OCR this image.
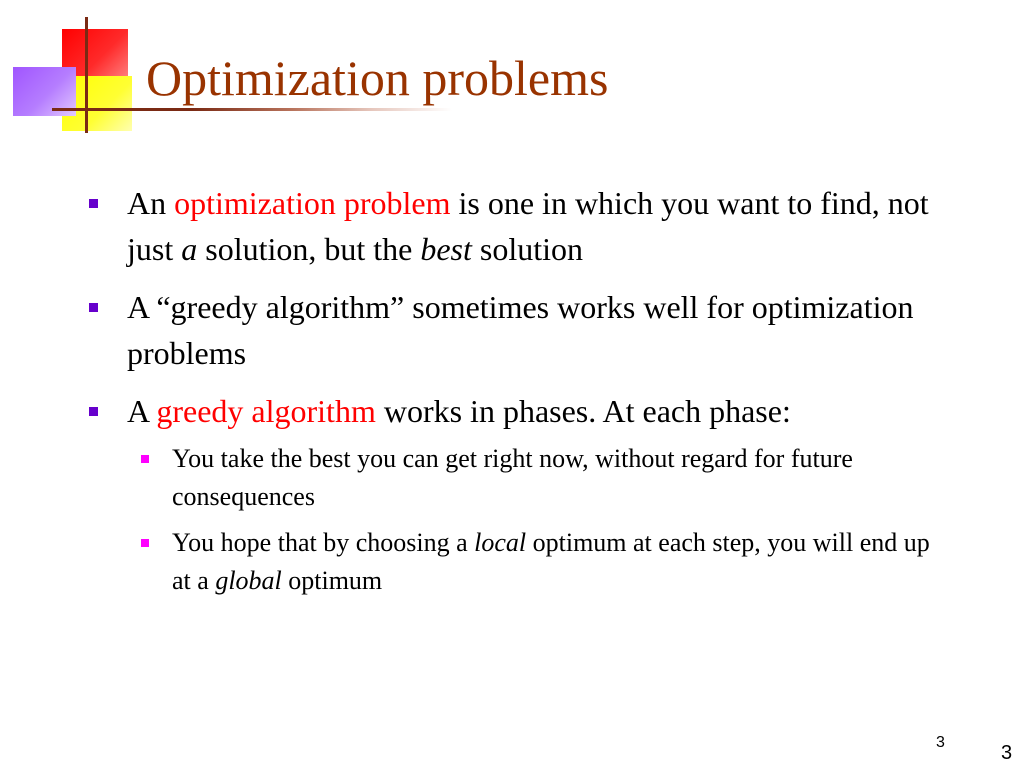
Optimization problems
An optimization problem is one in which you want to find, not just a solution, but the best solution
A “greedy algorithm” sometimes works well for optimization problems
A greedy algorithm works in phases. At each phase:
You take the best you can get right now, without regard for future consequences
You hope that by choosing a local optimum at each step, you will end up at a global optimum
3	3
